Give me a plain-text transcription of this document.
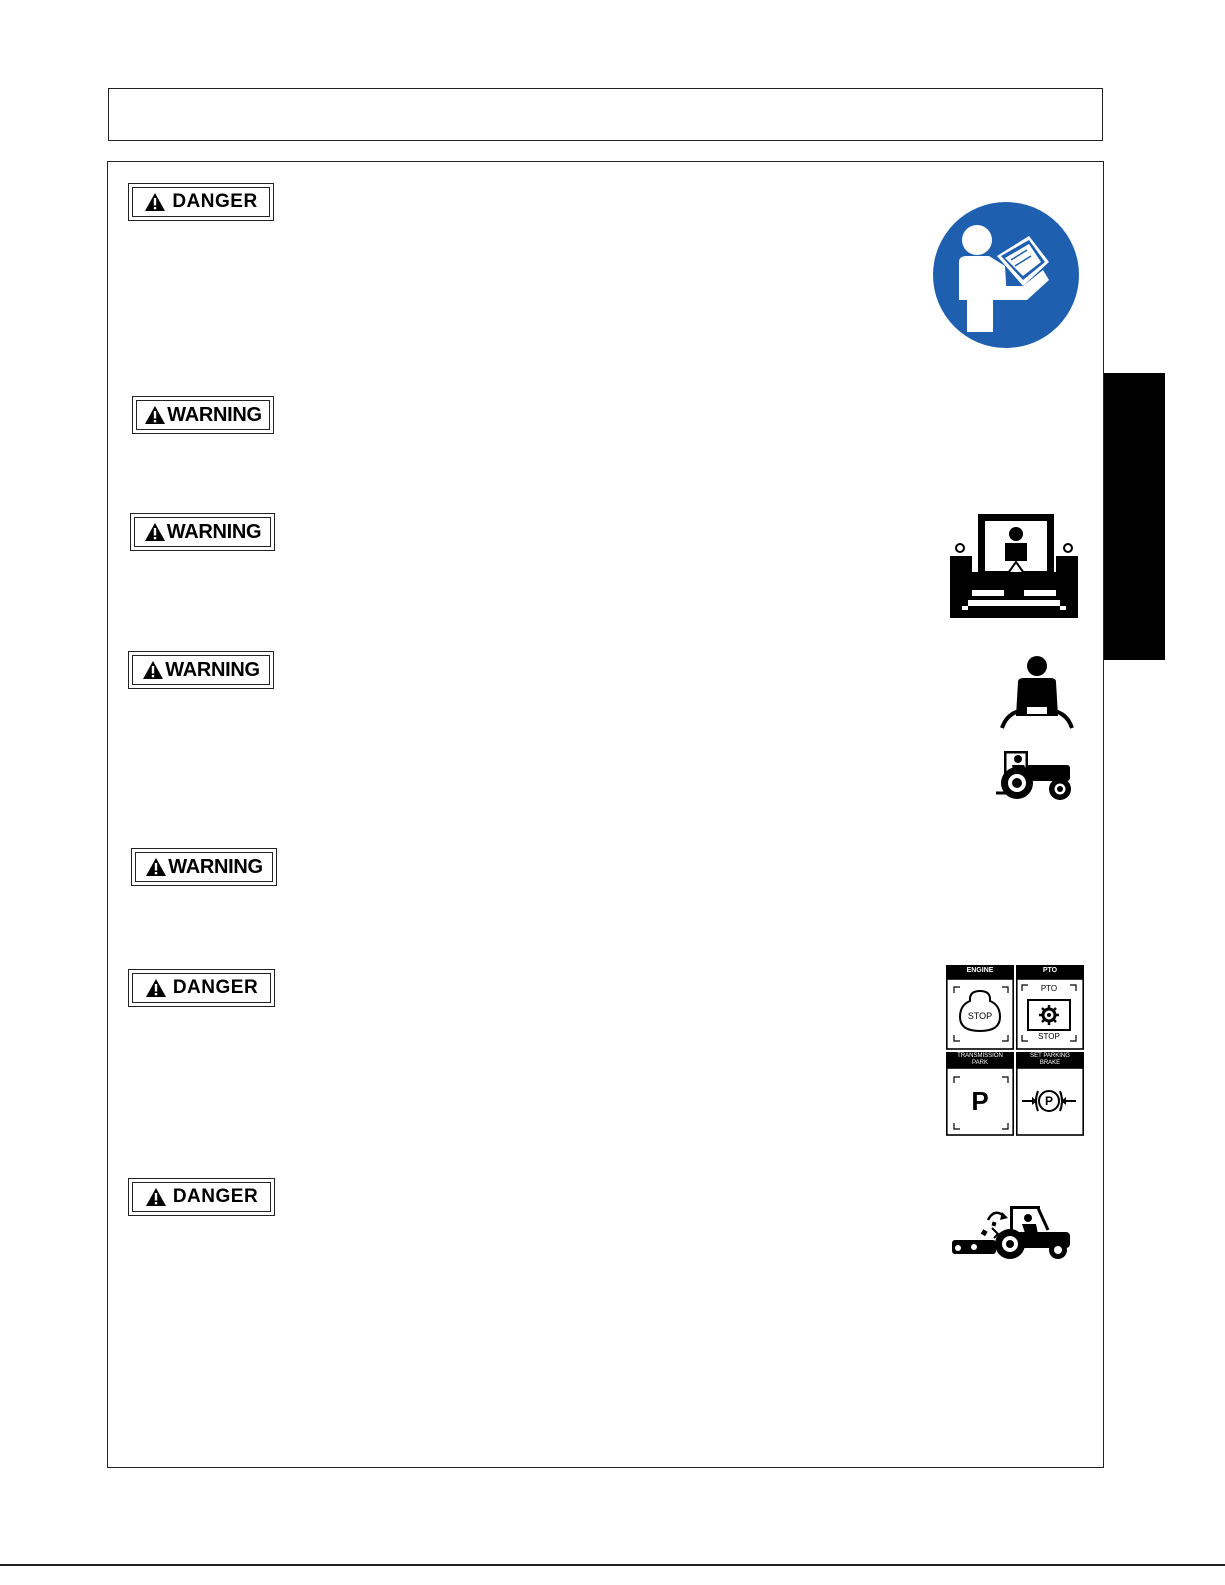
DANGER
WARNING
WARNING
WARNING
WARNING
DANGER
DANGER
ENGINE	PTO
STOP
PTO
STOP
TRANSMISSION
PARK
SET PARKING
BRAKE
P	P
